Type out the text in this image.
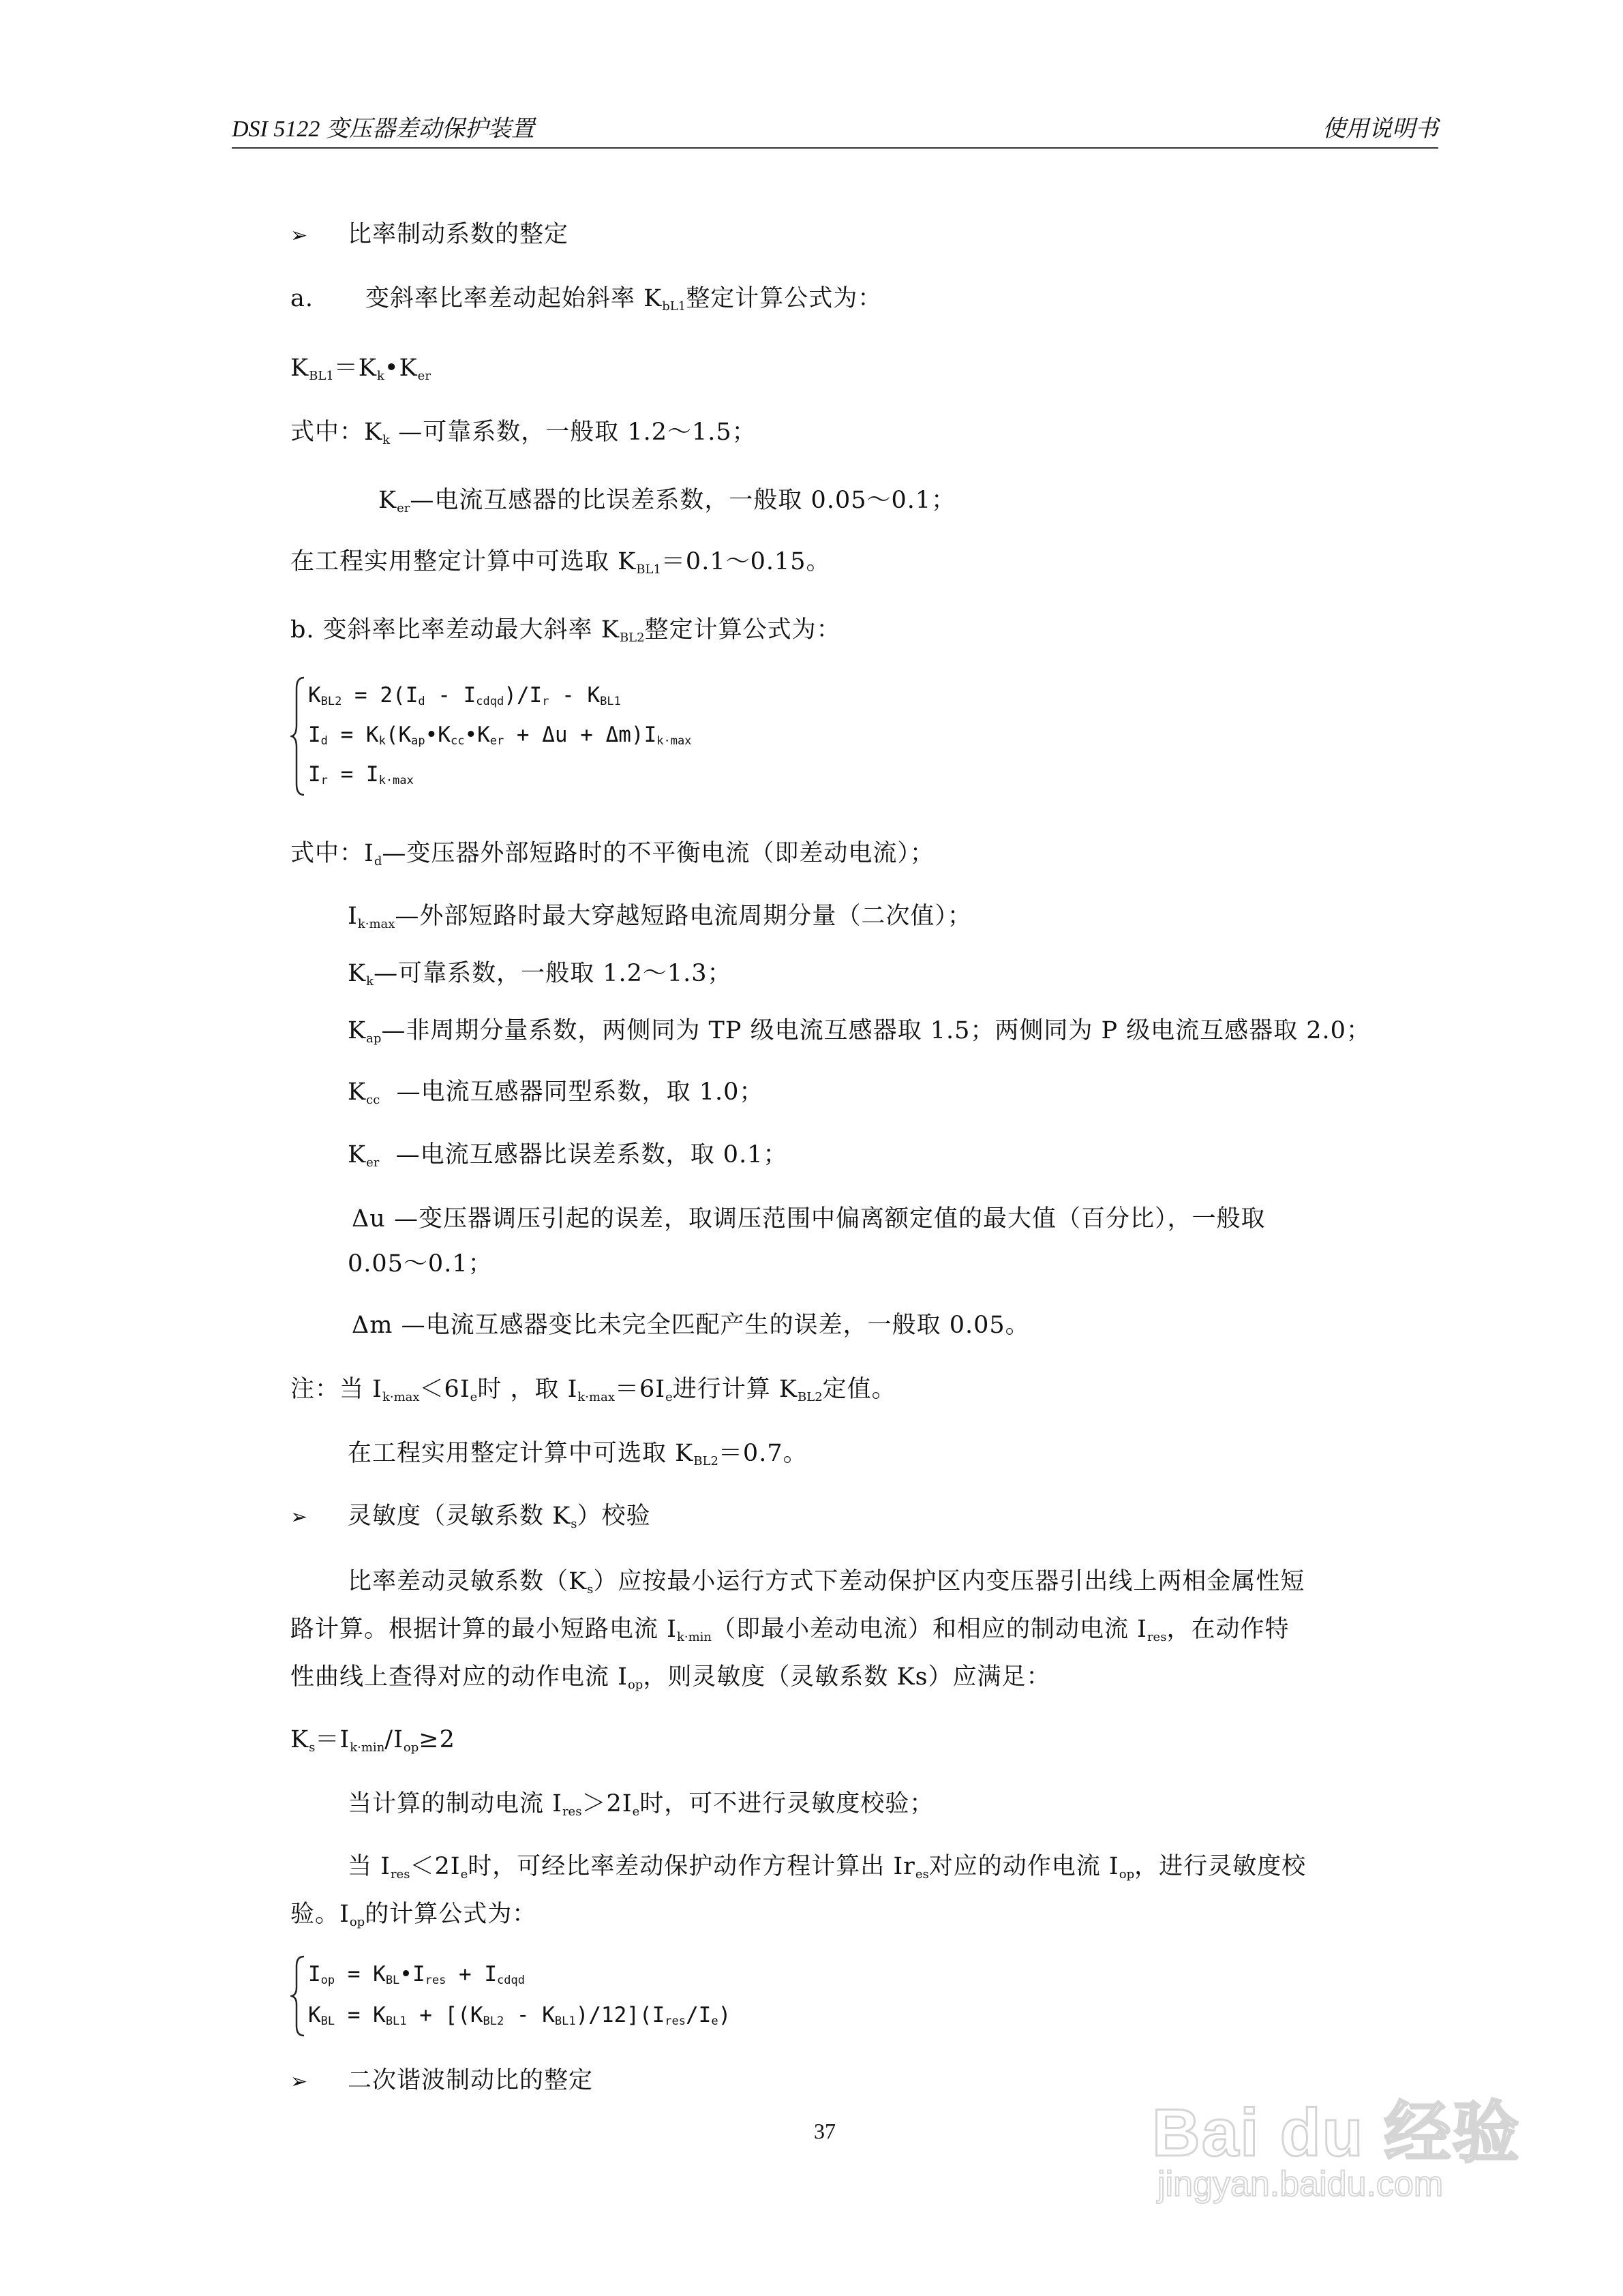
DSI 5122 变压器差动保护装置	使用说明书
➢ 比率制动系数的整定
a. 变斜率比率差动起始斜率 $K_{bL1}$整定计算公式为：
$K_{BL1}=K_k•K_{er}$
式中：$K_k$ —可靠系数，一般取 1.2～1.5；
$K_{er}—$电流互感器的比误差系数，一般取 0.05～0.1；
在工程实用整定计算中可选取 $K_{BL1}=0.1\sim 0.15$。
b. 变斜率比率差动最大斜率 $K_{BL2}$整定计算公式为：
$K_{BL2} = 2(I_d - I_{cdqd})/I_r - K_{BL1}$
$I_d$ = $K_k(K_{ap}•K_{cc}•K_{er} + \Delta u + \Delta m)I_{k\cdot max}$
$I_r = I_{k\cdot max}$
式中：$I_d—$变压器外部短路时的不平衡电流（即差动电流）；
$I_{k\cdot max}—$外部短路时最大穿越短路电流周期分量（二次值）；
$K_k—$可靠系数，一般取 1.2～1.3；
$K_{ap}—$非周期分量系数，两侧同为 TP 级电流互感器取 1.5；两侧同为 P 级电流互感器取 2.0；
$K_{cc}$  —电流互感器同型系数，取 1.0；
$K_{er}$  —电流互感器比误差系数，取 0.1；
Δu —变压器调压引起的误差，取调压范围中偏离额定值的最大值（百分比），一般取
0.05～0.1；
Δm —电流互感器变比未完全匹配产生的误差，一般取 0.05。
注：当 $I_{k\cdot max}<6I_e$时 ，取 $I_{k\cdot max}=6I_e$进行计算 $K_{BL2}$定值。
在工程实用整定计算中可选取 $K_{BL2}=0.7$。
➢ 灵敏度（灵敏系数 $K_s$）校验
比率差动灵敏系数$(K_s)$应按最小运行方式下差动保护区内变压器引出线上两相金属性短
路计算。根据计算的最小短路电流 $I_{k\cdot min}$（即最小差动电流）和相应的制动电流 $I_{res}$，在动作特
性曲线上查得对应的动作电流 $I_{op}$，则灵敏度（灵敏系数 Ks）应满足：
$K_s=I_{k\cdot min}/I_{op}\ge 2$
当计算的制动电流 $I_{res}>2I_e$时，可不进行灵敏度校验；
当 $I_{res}<2I_e$时，可经比率差动保护动作方程计算出 $Ir_{es}$对应的动作电流 $I_{op}$，进行灵敏度校
验。$I_{op}$的计算公式为：
$I_{op}$ = $K_{BL}•I_{res} + I_{cdqd}$
$K_{BL} = K_{BL1} + [(K_{BL2} - K_{BL1})/12](I_{res}/I_e)$
➢ 二次谐波制动比的整定
37	Bai du 经验
jingyan.baidu.com
